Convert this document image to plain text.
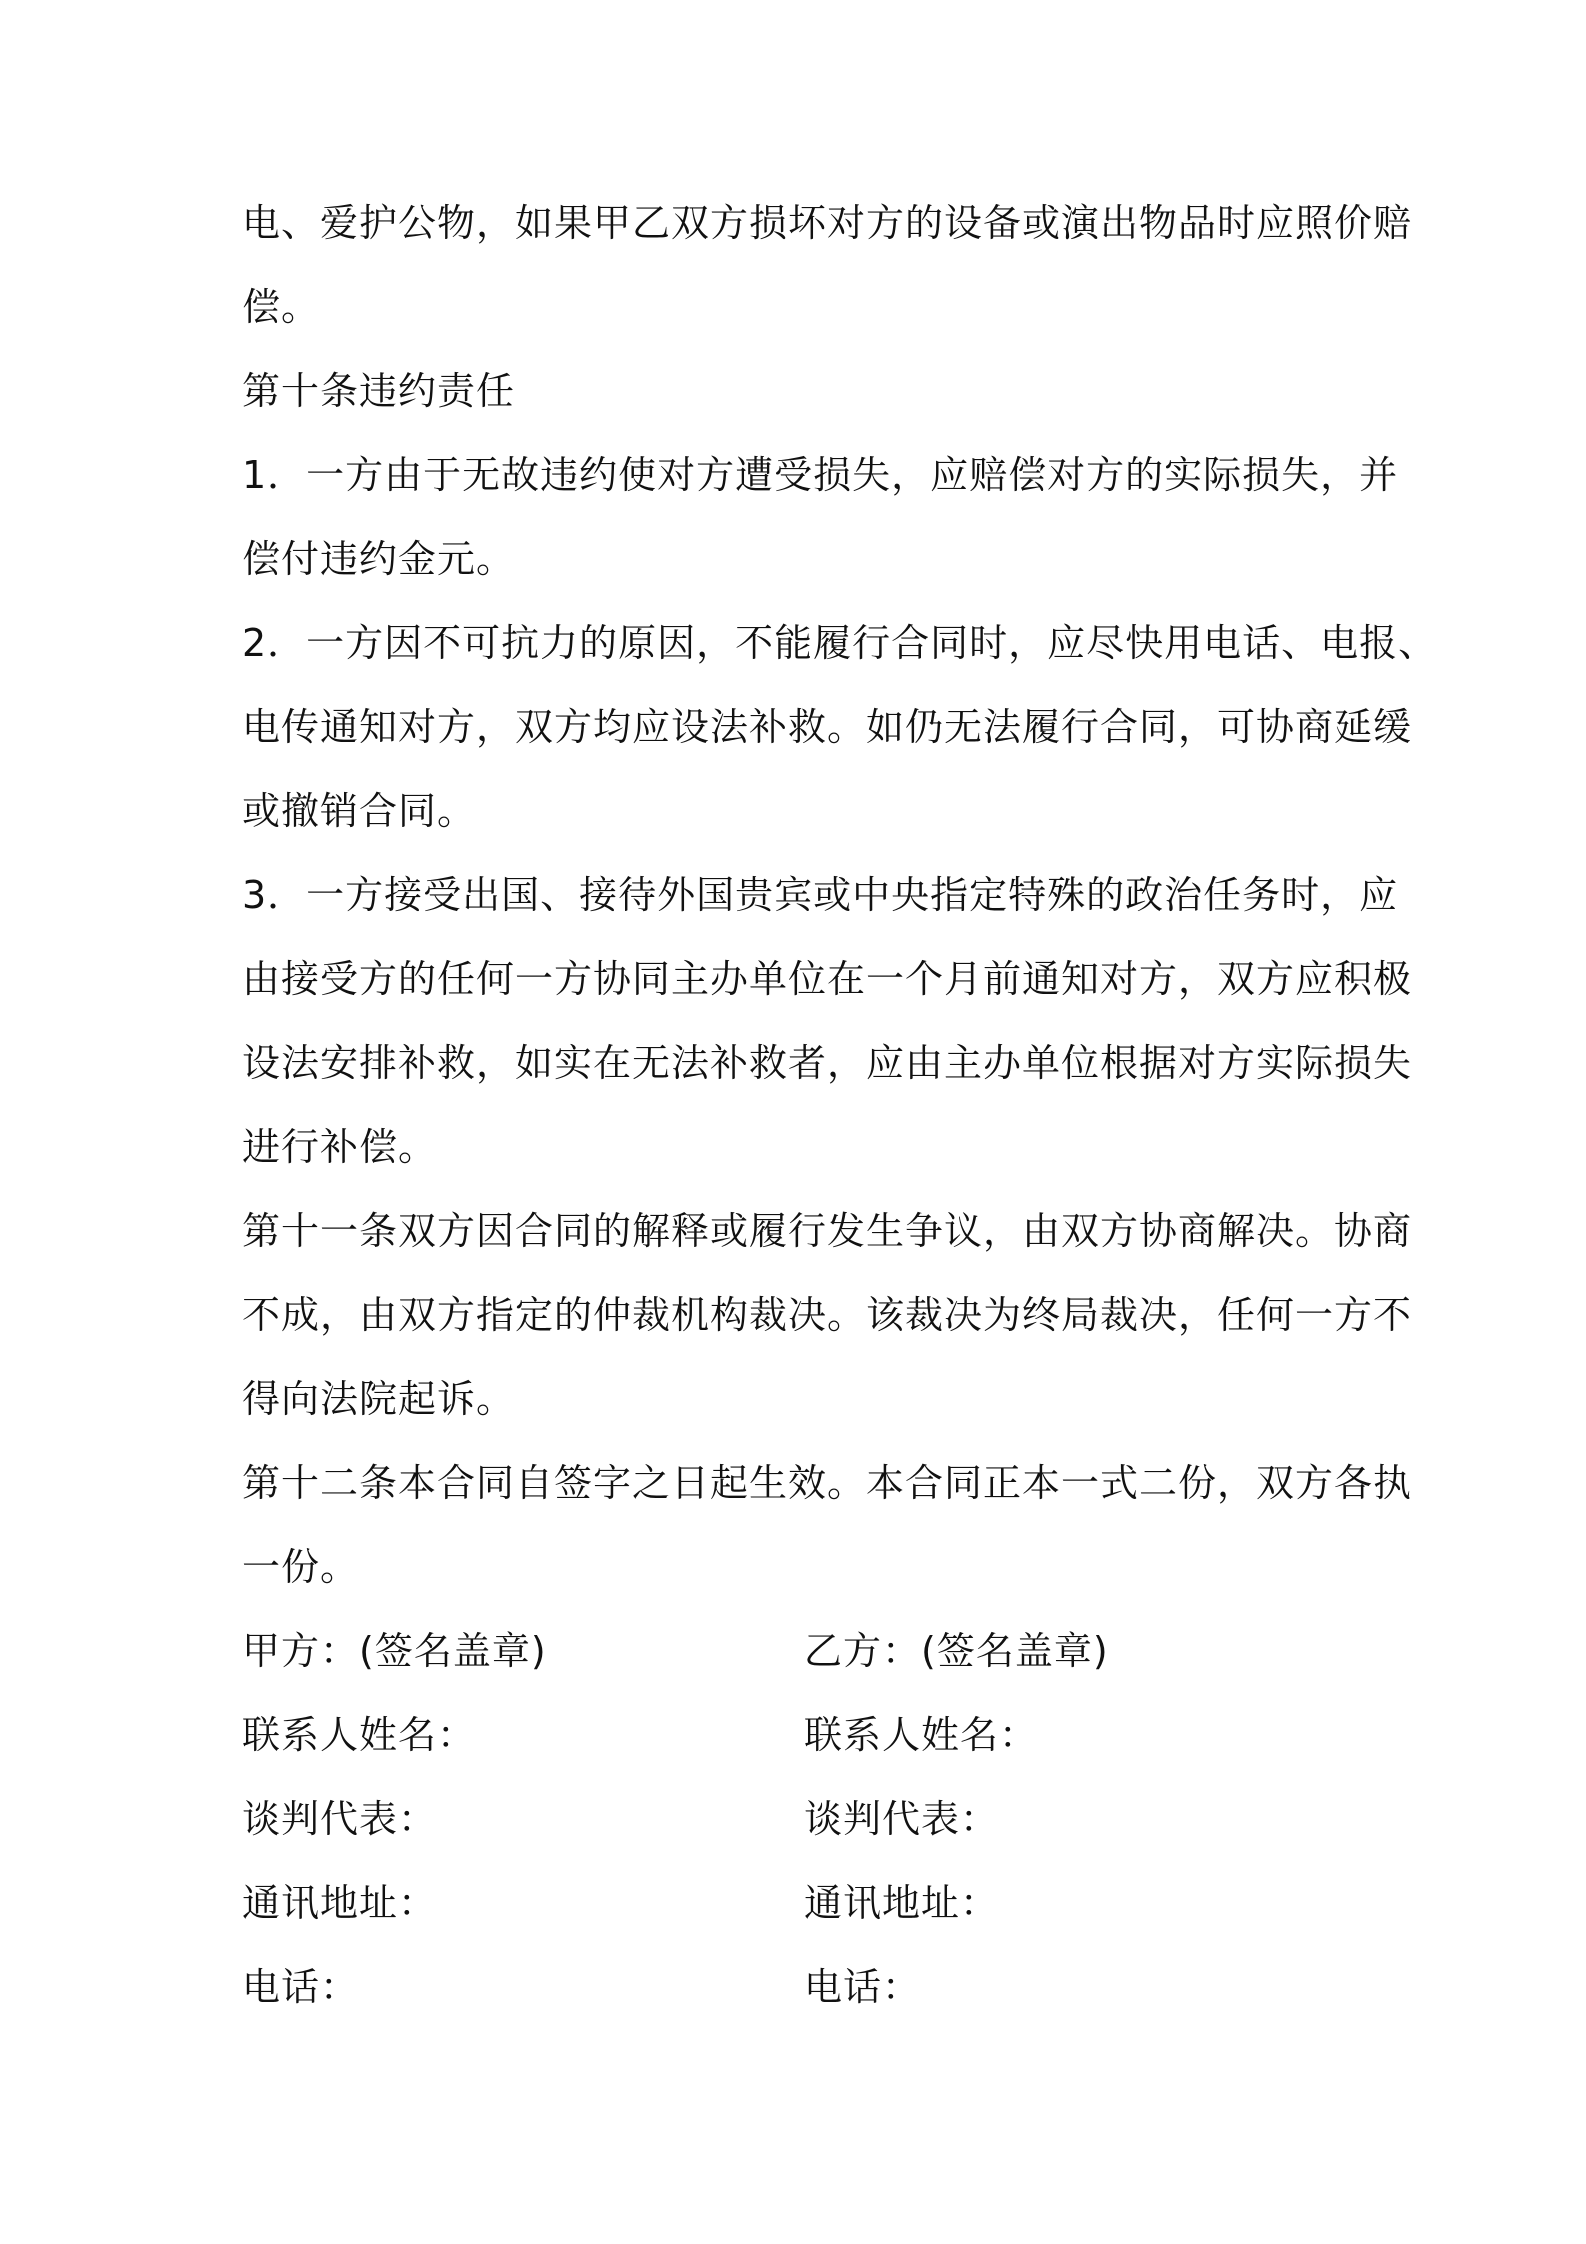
电、爱护公物，如果甲乙双方损坏对方的设备或演出物品时应照价赔
偿。
第十条违约责任
1．一方由于无故违约使对方遭受损失，应赔偿对方的实际损失，并
偿付违约金元。
2．一方因不可抗力的原因，不能履行合同时，应尽快用电话、电报、
电传通知对方，双方均应设法补救。如仍无法履行合同，可协商延缓
或撤销合同。
3．一方接受出国、接待外国贵宾或中央指定特殊的政治任务时，应
由接受方的任何一方协同主办单位在一个月前通知对方，双方应积极
设法安排补救，如实在无法补救者，应由主办单位根据对方实际损失
进行补偿。
第十一条双方因合同的解释或履行发生争议，由双方协商解决。协商
不成，由双方指定的仲裁机构裁决。该裁决为终局裁决，任何一方不
得向法院起诉。
第十二条本合同自签字之日起生效。本合同正本一式二份，双方各执
一份。
甲方：(签名盖章)	乙方：(签名盖章)
联系人姓名：	联系人姓名：
谈判代表：	谈判代表：
通讯地址：	通讯地址：
电话：	电话：
